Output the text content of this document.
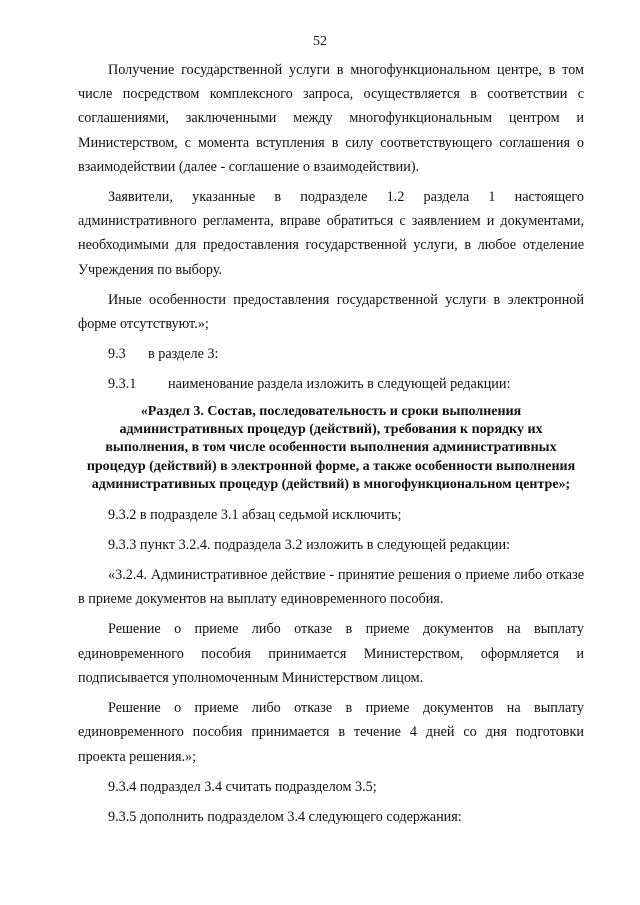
52

Получение государственной услуги в многофункциональном центре, в том числе посредством комплексного запроса, осуществляется в соответствии с соглашениями, заключенными между многофункциональным центром и Министерством, с момента вступления в силу соответствующего соглашения о взаимодействии (далее - соглашение о взаимодействии).

Заявители, указанные в подразделе 1.2 раздела 1 настоящего административного регламента, вправе обратиться с заявлением и документами, необходимыми для предоставления государственной услуги, в любое отделение Учреждения по выбору.

Иные особенности предоставления государственной услуги в электронной форме отсутствуют.»;

9.3	в разделе 3:
9.3.1	наименование раздела изложить в следующей редакции:
«Раздел 3. Состав, последовательность и сроки выполнения административных процедур (действий), требования к порядку их выполнения, в том числе особенности выполнения административных процедур (действий) в электронной форме, а также особенности выполнения административных процедур (действий) в многофункциональном центре»;

9.3.2 в подразделе 3.1 абзац седьмой исключить;

9.3.3 пункт 3.2.4. подраздела 3.2 изложить в следующей редакции:

«3.2.4. Административное действие - принятие решения о приеме либо отказе в приеме документов на выплату единовременного пособия.

Решение о приеме либо отказе в приеме документов на выплату единовременного пособия принимается Министерством, оформляется и подписывается уполномоченным Министерством лицом.

Решение о приеме либо отказе в приеме документов на выплату единовременного пособия принимается в течение 4 дней со дня подготовки проекта решения.»;

9.3.4 подраздел 3.4 считать подразделом 3.5;

9.3.5 дополнить подразделом 3.4 следующего содержания:
